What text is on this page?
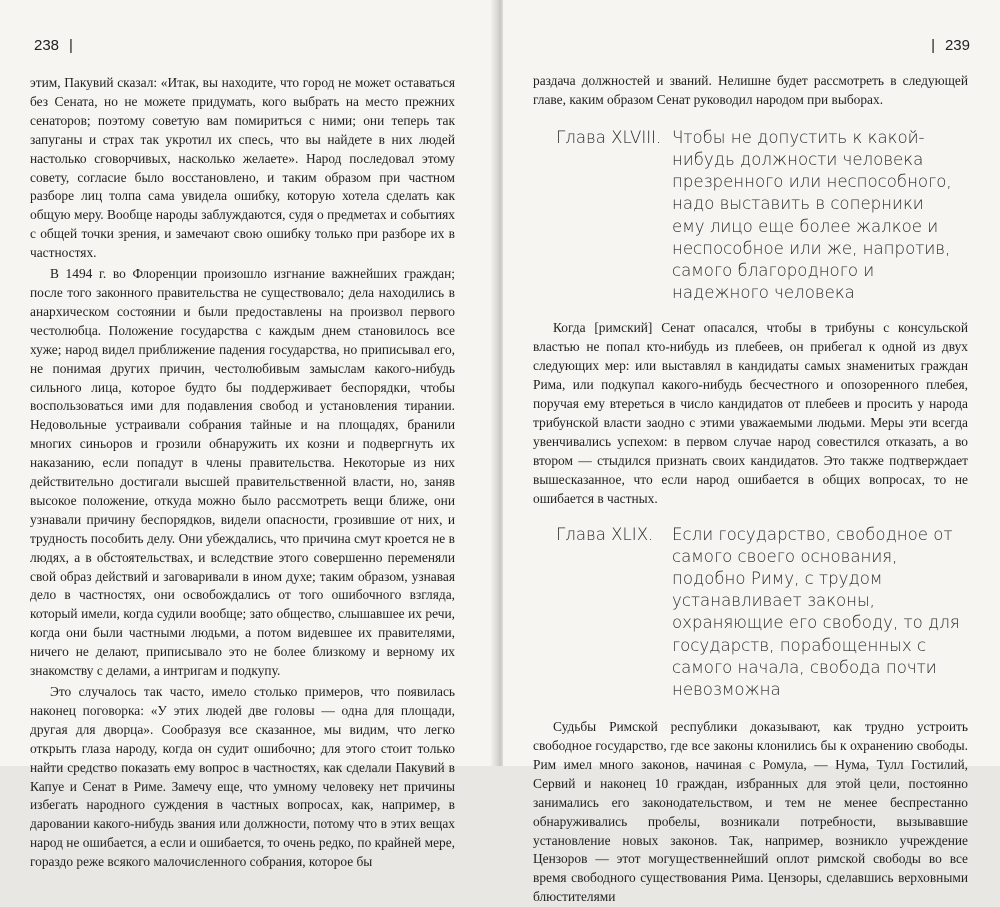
238 |

этим, Пакувий сказал: «Итак, вы находите, что город не может оставаться без Сената, но не можете придумать, кого выбрать на место прежних сенаторов; поэтому советую вам помириться с ними; они теперь так запуганы и страх так укротил их спесь, что вы найдете в них людей настолько сговорчивых, насколько желаете». Народ последовал этому совету, согласие было восстановлено, и таким образом при частном разборе лиц толпа сама увидела ошибку, которую хотела сделать как общую меру. Вообще народы заблуждаются, судя о предметах и событиях с общей точки зрения, и замечают свою ошибку только при разборе их в частностях.

В 1494 г. во Флоренции произошло изгнание важнейших граждан; после того законного правительства не существовало; дела находились в анархическом состоянии и были предоставлены на произвол первого честолюбца. Положение государства с каждым днем становилось все хуже; народ видел приближение падения государства, но приписывал его, не понимая других причин, честолюбивым замыслам какого-нибудь сильного лица, которое будто бы поддерживает беспорядки, чтобы воспользоваться ими для подавления свобод и установления тирании. Недовольные устраивали собрания тайные и на площадях, бранили многих синьоров и грозили обнаружить их козни и подвергнуть их наказанию, если попадут в члены правительства. Некоторые из них действительно достигали высшей правительственной власти, но, заняв высокое положение, откуда можно было рассмотреть вещи ближе, они узнавали причину беспорядков, видели опасности, грозившие от них, и трудность пособить делу. Они убеждались, что причина смут кроется не в людях, а в обстоятельствах, и вследствие этого совершенно переменяли свой образ действий и заговаривали в ином духе; таким образом, узнавая дело в частностях, они освобождались от того ошибочного взгляда, который имели, когда судили вообще; зато общество, слышавшее их речи, когда они были частными людьми, а потом видевшее их правителями, ничего не делают, приписывало это не более близкому и верному их знакомству с делами, а интригам и подкупу.

Это случалось так часто, имело столько примеров, что появилась наконец поговорка: «У этих людей две головы — одна для площади, другая для дворца». Сообразуя все сказанное, мы видим, что легко открыть глаза народу, когда он судит ошибочно; для этого стоит только найти средство показать ему вопрос в частностях, как сделали Пакувий в Капуе и Сенат в Риме. Замечу еще, что умному человеку нет причины избегать народного суждения в частных вопросах, как, например, в даровании какого-нибудь звания или должности, потому что в этих вещах народ не ошибается, а если и ошибается, то очень редко, по крайней мере, гораздо реже всякого малочисленного собрания, которое бы

| 239

раздача должностей и званий. Нелишне будет рассмотреть в следующей главе, каким образом Сенат руководил народом при выборах.

Глава XLVIII. Чтобы не допустить к какой-нибудь должности человека презренного или неспособного, надо выставить в соперники ему лицо еще более жалкое и неспособное или же, напротив, самого благородного и надежного человека

Когда [римский] Сенат опасался, чтобы в трибуны с консульской властью не попал кто-нибудь из плебеев, он прибегал к одной из двух следующих мер: или выставлял в кандидаты самых знаменитых граждан Рима, или подкупал какого-нибудь бесчестного и опозоренного плебея, поручая ему втереться в число кандидатов от плебеев и просить у народа трибунской власти заодно с этими уважаемыми людьми. Меры эти всегда увенчивались успехом: в первом случае народ совестился отказать, а во втором — стыдился признать своих кандидатов. Это также подтверждает вышесказанное, что если народ ошибается в общих вопросах, то не ошибается в частных.

Глава XLIX.	Если государство, свободное от самого своего основания, подобно Риму, с трудом устанавливает законы, охраняющие его свободу, то для государств, порабощенных с самого начала, свобода почти невозможна

Судьбы Римской республики доказывают, как трудно устроить свободное государство, где все законы клонились бы к охранению свободы. Рим имел много законов, начиная с Ромула, — Нума, Тулл Гостилий, Сервий и наконец 10 граждан, избранных для этой цели, постоянно занимались его законодательством, и тем не менее беспрестанно обнаруживались пробелы, возникали потребности, вызывавшие установление новых законов. Так, например, возникло учреждение Цензоров — этот могущественнейший оплот римской свободы во все время свободного существования Рима. Цензоры, сделавшись верховными блюстителями
